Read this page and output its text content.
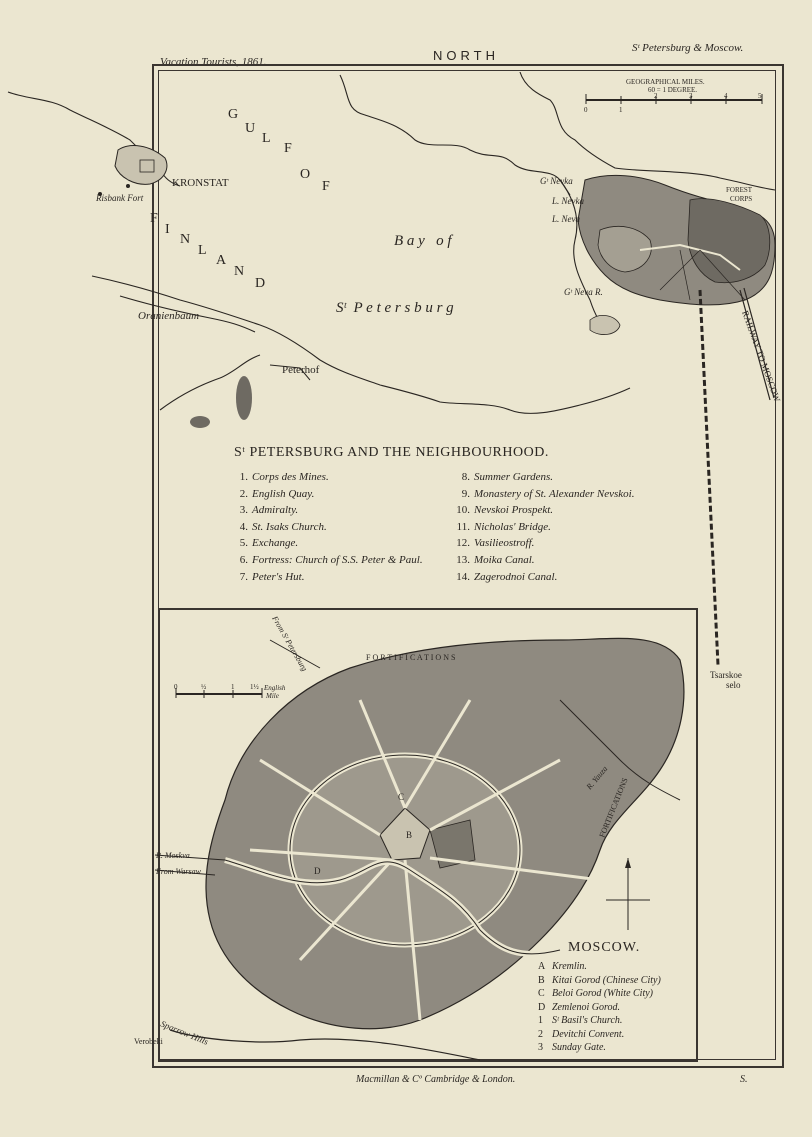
Vacation Tourists, 1861.	NORTH	Sᵗ Petersburg & Moscow.
G
U
L
F
O
F
F
I
N
L
A
N
D
KRONSTAT
Risbank Fort
B a y   o f
Sᵗ  P e t e r s b u r g
Oranienbaum
Peterhof
Gᵗ Nevka
L. Nevka
L. Neva
Gᵗ Neva R.
FOREST
CORPS
RAILWAY TO MOSCOW
GEOGRAPHICAL MILES.
60 = 1 DEGREE.
0	1
2	3	4	5
Tsarskoe
selo
From Sᵗ Petersburg	F O R T I F I C A T I O N S
FORTIFICATIONS
English
Mile
0	½	1 1½
R. Moskva
From Warsaw
Sparrow Hills
Verobeki
R. Yauza
B
C
D
Sᵗ PETERSBURG AND THE NEIGHBOURHOOD.
1. Corps des Mines.
2. English Quay.
3. Admiralty.
4. St. Isaks Church.
5. Exchange.
6. Fortress: Church of S.S. Peter & Paul.
7. Peter's Hut.
8. Summer Gardens.
9. Monastery of St. Alexander Nevskoi.
10. Nevskoi Prospekt.
11. Nicholas' Bridge.
12. Vasilieostroff.
13. Moika Canal.
14. Zagerodnoi Canal.
MOSCOW.
A Kremlin.
B Kitai Gorod (Chinese City)
C Beloi Gorod (White City)
D Zemlenoi Gorod.
1 Sᵗ Basil's Church.
2 Devitchi Convent.
3 Sunday Gate.
Macmillan & Cº Cambridge & London.	S.
